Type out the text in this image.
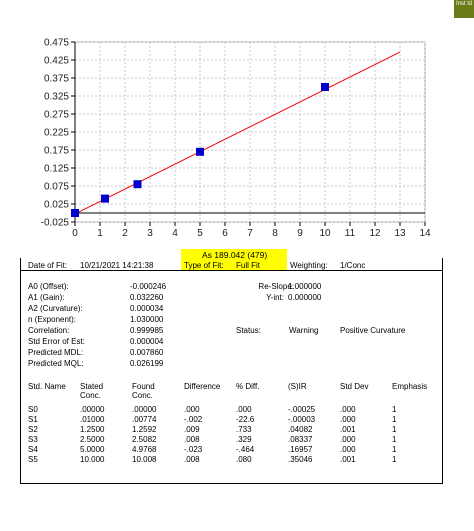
Inst ld
0.475
0.425
0.375
0.325
0.275
0.225
0.175
0.125
0.075
0.025
-0.025
0 1 2 3 4 5 6 7 8 9 10 11 12 13 14
As 189.042 (479)
Date of Fit: 10/21/2021 14:21:38	Type of Fit: Full Fit	Weighting: 1/Conc
A0 (Offset):	-0.000246
A1 (Gain):	0.032260
A2 (Curvature):	0.000034
n (Exponent):	1.030000
Correlation:	0.999985
Std Error of Est:	0.000004
Predicted MDL:	0.007860
Predicted MQL:	0.026199
Re-Slope:
1.000000
Y-int: 0.000000
Status:	Warning	Positive Curvature
Std. Name Stated
Conc.
Found
Conc.
Difference % Diff.	(S)IR	Std Dev	Emphasis
S0	.00000	.00000	.000	.000	-.00025	.000	1
S1	.01000	.00774	-.002	-22.6	-.00003	.000	1
S2	1.2500	1.2592	.009	.733	.04082	.001	1
S3	2.5000	2.5082	.008	.329	.08337	.000	1
S4	5.0000	4.9768	-.023	-.464	.16957	.000	1
S5	10.000	10.008	.008	.080	.35046	.001	1
